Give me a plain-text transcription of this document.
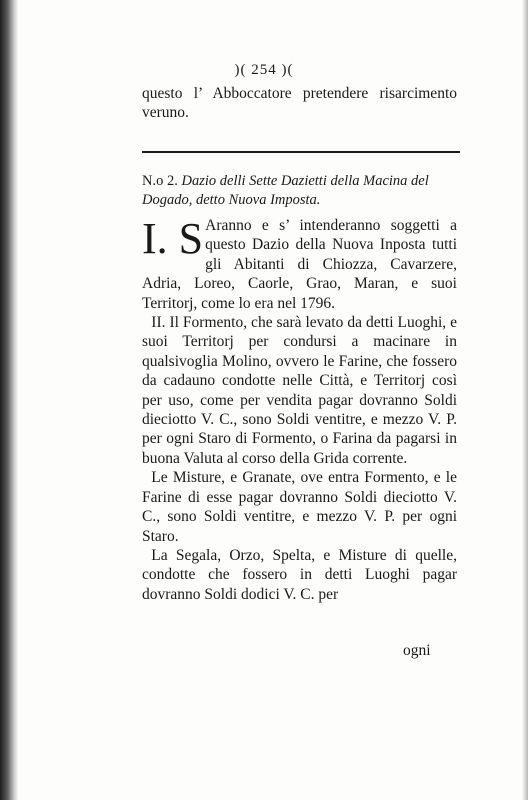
)( 254 )(
questo l’ Abboccatore pretendere risarcimento veruno.
N.o 2. Dazio delli Sette Dazietti della Macina del Dogado, detto Nuova Imposta.

I. S Aranno e s’ intenderanno soggetti a questo Dazio della Nuova Inposta tutti gli Abitanti di Chiozza, Cavarzere, Adria, Loreo, Caorle, Grao, Maran, e suoi Territorj, come lo era nel 1796.

II. Il Formento, che sarà levato da detti Luoghi, e suoi Territorj per condursi a macinare in qualsivoglia Molino, ovvero le Farine, che fossero da cadauno condotte nelle Città, e Territorj così per uso, come per vendita pagar dovranno Soldi dieciotto V. C., sono Soldi ventitre, e mezzo V. P. per ogni Staro di Formento, o Farina da pagarsi in buona Valuta al corso della Grida corrente.

Le Misture, e Granate, ove entra Formento, e le Farine di esse pagar dovranno Soldi dieciotto V. C., sono Soldi ventitre, e mezzo V. P. per ogni Staro.

La Segala, Orzo, Spelta, e Misture di quelle, condotte che fossero in detti Luoghi pagar dovranno Soldi dodici V. C. per

ogni
